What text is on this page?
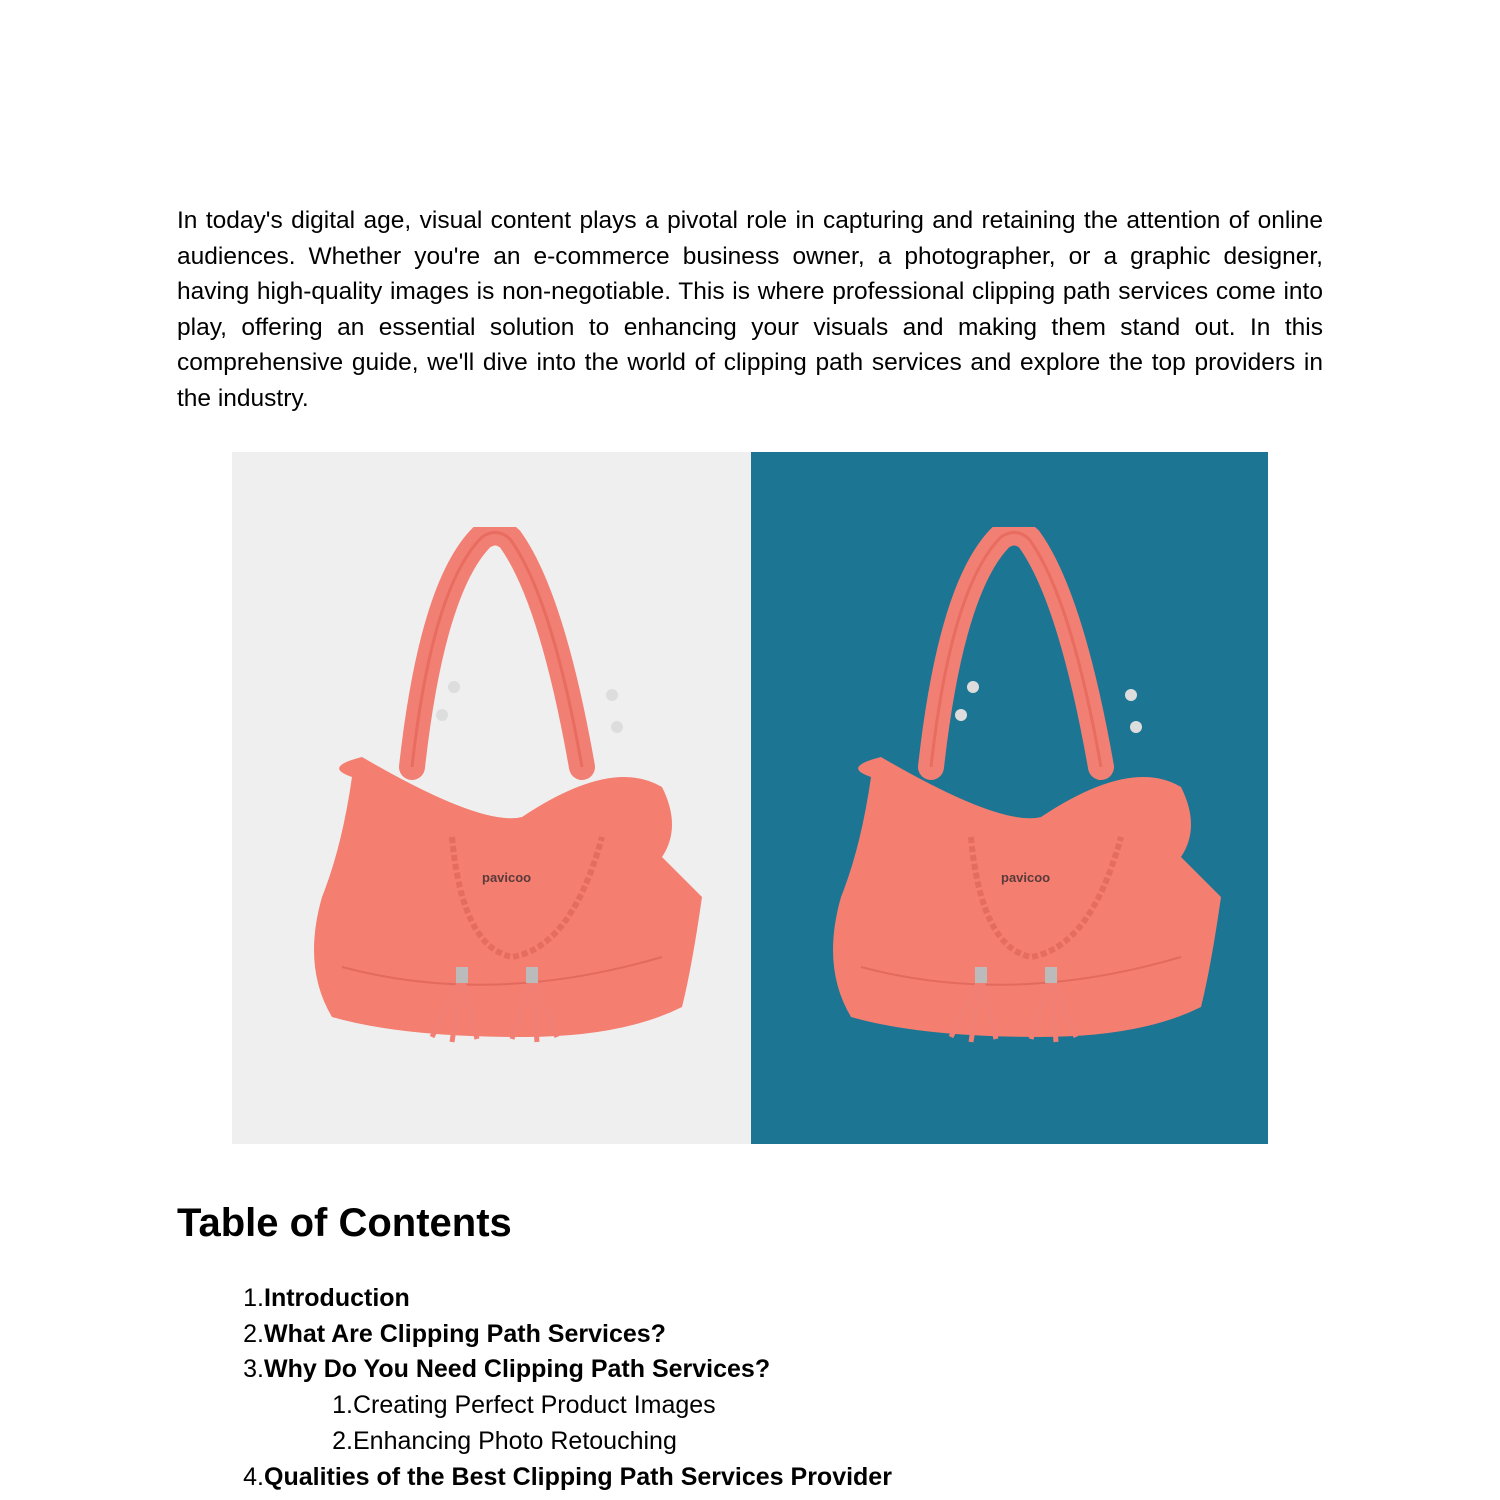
In today's digital age, visual content plays a pivotal role in capturing and retaining the attention of online audiences. Whether you're an e-commerce business owner, a photographer, or a graphic designer, having high-quality images is non-negotiable. This is where professional clipping path services come into play, offering an essential solution to enhancing your visuals and making them stand out. In this comprehensive guide, we'll dive into the world of clipping path services and explore the top providers in the industry.

pavicoo	pavicoo
Table of Contents
1. Introduction
2. What Are Clipping Path Services?
3. Why Do You Need Clipping Path Services?
1. Creating Perfect Product Images
2. Enhancing Photo Retouching
4. Qualities of the Best Clipping Path Services Provider
